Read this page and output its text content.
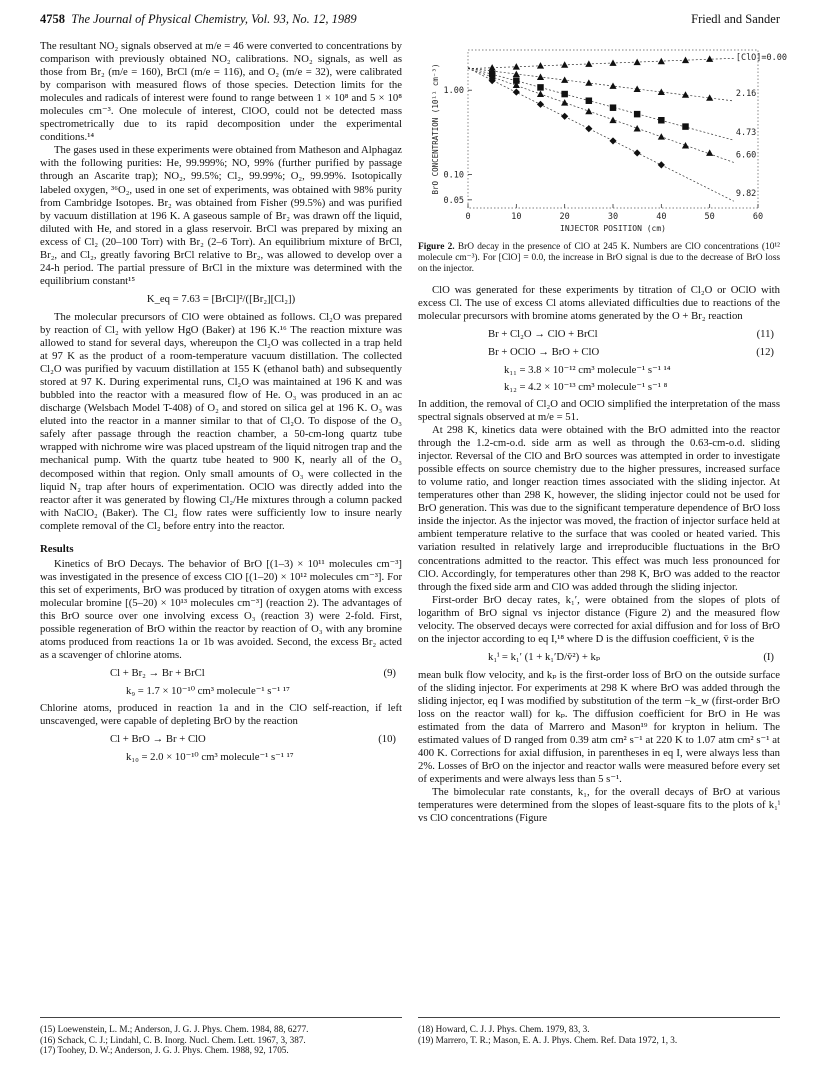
4758 The Journal of Physical Chemistry, Vol. 93, No. 12, 1989	Friedl and Sander

The resultant NO₂ signals observed at m/e = 46 were converted to concentrations by comparison with previously obtained NO₂ calibrations. NO₂ signals, as well as those from Br₂ (m/e = 160), BrCl (m/e = 116), and O₂ (m/e = 32), were calibrated by comparison with measured flows of those species. Detection limits for the molecules and radicals of interest were found to range between 1 × 10⁸ and 5 × 10⁸ molecules cm⁻³. One molecule of interest, ClOO, could not be detected mass spectrometrically due to its rapid decomposition under the experimental conditions.¹⁴

The gases used in these experiments were obtained from Matheson and Alphagaz with the following purities: He, 99.999%; NO, 99% (further purified by passage through an Ascarite trap); NO₂, 99.5%; Cl₂, 99.99%; O₂, 99.99%. Isotopically labeled oxygen, ³⁶O₂, used in one set of experiments, was obtained with 98% purity from Cambridge Isotopes. Br₂ was obtained from Fisher (99.5%) and was purified by vacuum distillation at 196 K. A gaseous sample of Br₂ was drawn off the liquid, diluted with He, and stored in a glass reservoir. BrCl was prepared by mixing an excess of Cl₂ (20–100 Torr) with Br₂ (2–6 Torr). An equilibrium mixture of BrCl, Br₂, and Cl₂, greatly favoring BrCl relative to Br₂, was allowed to develop over a 24-h period. The partial pressure of BrCl in the mixture was determined with the equilibrium constant¹⁵

K_eq = 7.63 = [BrCl]²/([Br₂][Cl₂])

The molecular precursors of ClO were obtained as follows. Cl₂O was prepared by reaction of Cl₂ with yellow HgO (Baker) at 196 K.¹⁶ The reaction mixture was allowed to stand for several days, whereupon the Cl₂O was collected in a trap held at 97 K as the product of a room-temperature vacuum distillation. The collected Cl₂O was purified by vacuum distillation at 155 K (ethanol bath) and subsequently stored at 97 K. During experimental runs, Cl₂O was maintained at 196 K and was bubbled into the reactor with a measured flow of He. O₃ was produced in an ac discharge (Welsbach Model T-408) of O₂ and stored on silica gel at 196 K. O₃ was eluted into the reactor in a manner similar to that of Cl₂O. To dispose of the O₃ safely after passage through the reaction chamber, a 50-cm-long quartz tube wrapped with nichrome wire was placed upstream of the liquid nitrogen trap and the mechanical pump. With the quartz tube heated to 900 K, nearly all of the O₃ decomposed within that region. Only small amounts of O₃ were collected in the liquid N₂ trap after hours of experimentation. OClO was directly added into the reactor after it was generated by flowing Cl₂/He mixtures through a column packed with NaClO₂ (Baker). The Cl₂ flow rates were sufficiently low to insure nearly complete removal of the Cl₂ before entry into the reactor.

Results

Kinetics of BrO Decays. The behavior of BrO [(1–3) × 10¹¹ molecules cm⁻³] was investigated in the presence of excess ClO [(1–20) × 10¹² molecules cm⁻³]. For this set of experiments, BrO was produced by titration of oxygen atoms with excess molecular bromine [(5–20) × 10¹³ molecules cm⁻³] (reaction 2). The advantages of this BrO source over one involving excess O₃ (reaction 3) were 2-fold. First, possible regeneration of BrO within the reactor by reaction of O₃ with any bromine atoms produced from reactions 1a or 1b was avoided. Second, the excess Br₂ acted as a scavenger of chlorine atoms.

Cl + Br₂ → Br + BrCl	(9)
k₉ = 1.7 × 10⁻¹⁰ cm³ molecule⁻¹ s⁻¹ ¹⁷

Chlorine atoms, produced in reaction 1a and in the ClO self-reaction, if left unscavenged, were capable of depleting BrO by the reaction

Cl + BrO → Br + ClO	(10)
k₁₀ = 2.0 × 10⁻¹⁰ cm³ molecule⁻¹ s⁻¹ ¹⁷
0	10	20	30	40	50	60
1.00
0.10
0.05
INJECTOR POSITION (cm)
BrO CONCENTRATION (10¹¹ cm⁻³)
[ClO]=0.00
2.16
4.73
6.60
9.82
Figure 2. BrO decay in the presence of ClO at 245 K. Numbers are ClO concentrations (10¹² molecule cm⁻³). For [ClO] = 0.0, the increase in BrO signal is due to the decrease of BrO loss on the injector.

ClO was generated for these experiments by titration of Cl₂O or OClO with excess Cl. The use of excess Cl atoms alleviated difficulties due to reactions of the molecular precursors with bromine atoms generated by the O + Br₂ reaction

Br + Cl₂O → ClO + BrCl	(11)
Br + OClO → BrO + ClO	(12)
k₁₁ = 3.8 × 10⁻¹² cm³ molecule⁻¹ s⁻¹ ¹⁴
k₁₂ = 4.2 × 10⁻¹³ cm³ molecule⁻¹ s⁻¹ ⁸

In addition, the removal of Cl₂O and OClO simplified the interpretation of the mass spectral signals observed at m/e = 51.

At 298 K, kinetics data were obtained with the BrO admitted into the reactor through the 1.2-cm-o.d. side arm as well as through the 0.63-cm-o.d. sliding injector. Reversal of the ClO and BrO sources was attempted in order to investigate possible effects on source chemistry due to the higher pressures, increased surface to volume ratio, and longer reaction times associated with the sliding injector. At temperatures other than 298 K, however, the sliding injector could not be used for BrO generation. This was due to the significant temperature dependence of BrO loss inside the injector. As the injector was moved, the fraction of injector surface held at ambient temperature relative to the surface that was cooled or heated varied. This variation resulted in relatively large and irreproducible fluctuations in the BrO concentrations admitted to the reactor. This effect was much less pronounced for ClO. Accordingly, for temperatures other than 298 K, BrO was added to the reactor through the fixed side arm and ClO was added through the sliding injector.

First-order BrO decay rates, k₁′, were obtained from the slopes of plots of logarithm of BrO signal vs injector distance (Figure 2) and the measured flow velocity. The observed decays were corrected for axial diffusion and for loss of BrO on the injector according to eq I,¹⁸ where D is the diffusion coefficient, v̄ is the

k₁ⁱ = k₁′ (1 + k₁′D/v̄²) + kₚ	(I)

mean bulk flow velocity, and kₚ is the first-order loss of BrO on the outside surface of the sliding injector. For experiments at 298 K where BrO was added through the sliding injector, eq I was modified by substitution of the term −k_w (first-order BrO loss on the reactor wall) for kₚ. The diffusion coefficient for BrO in He was estimated from the data of Marrero and Mason¹⁹ for krypton in helium. The estimated values of D ranged from 0.39 atm cm² s⁻¹ at 220 K to 1.07 atm cm² s⁻¹ at 400 K. Corrections for axial diffusion, in parentheses in eq I, were always less than 2%. Losses of BrO on the injector and reactor walls were measured before every set of experiments and were always less than 5 s⁻¹.

The bimolecular rate constants, k₁, for the overall decays of BrO at various temperatures were determined from the slopes of least-square fits to the plots of k₁ⁱ vs ClO concentrations (Figure

(15) Loewenstein, L. M.; Anderson, J. G. J. Phys. Chem. 1984, 88, 6277.
(16) Schack, C. J.; Lindahl, C. B. Inorg. Nucl. Chem. Lett. 1967, 3, 387.
(17) Toohey, D. W.; Anderson, J. G. J. Phys. Chem. 1988, 92, 1705.
(18) Howard, C. J. J. Phys. Chem. 1979, 83, 3.
(19) Marrero, T. R.; Mason, E. A. J. Phys. Chem. Ref. Data 1972, 1, 3.
